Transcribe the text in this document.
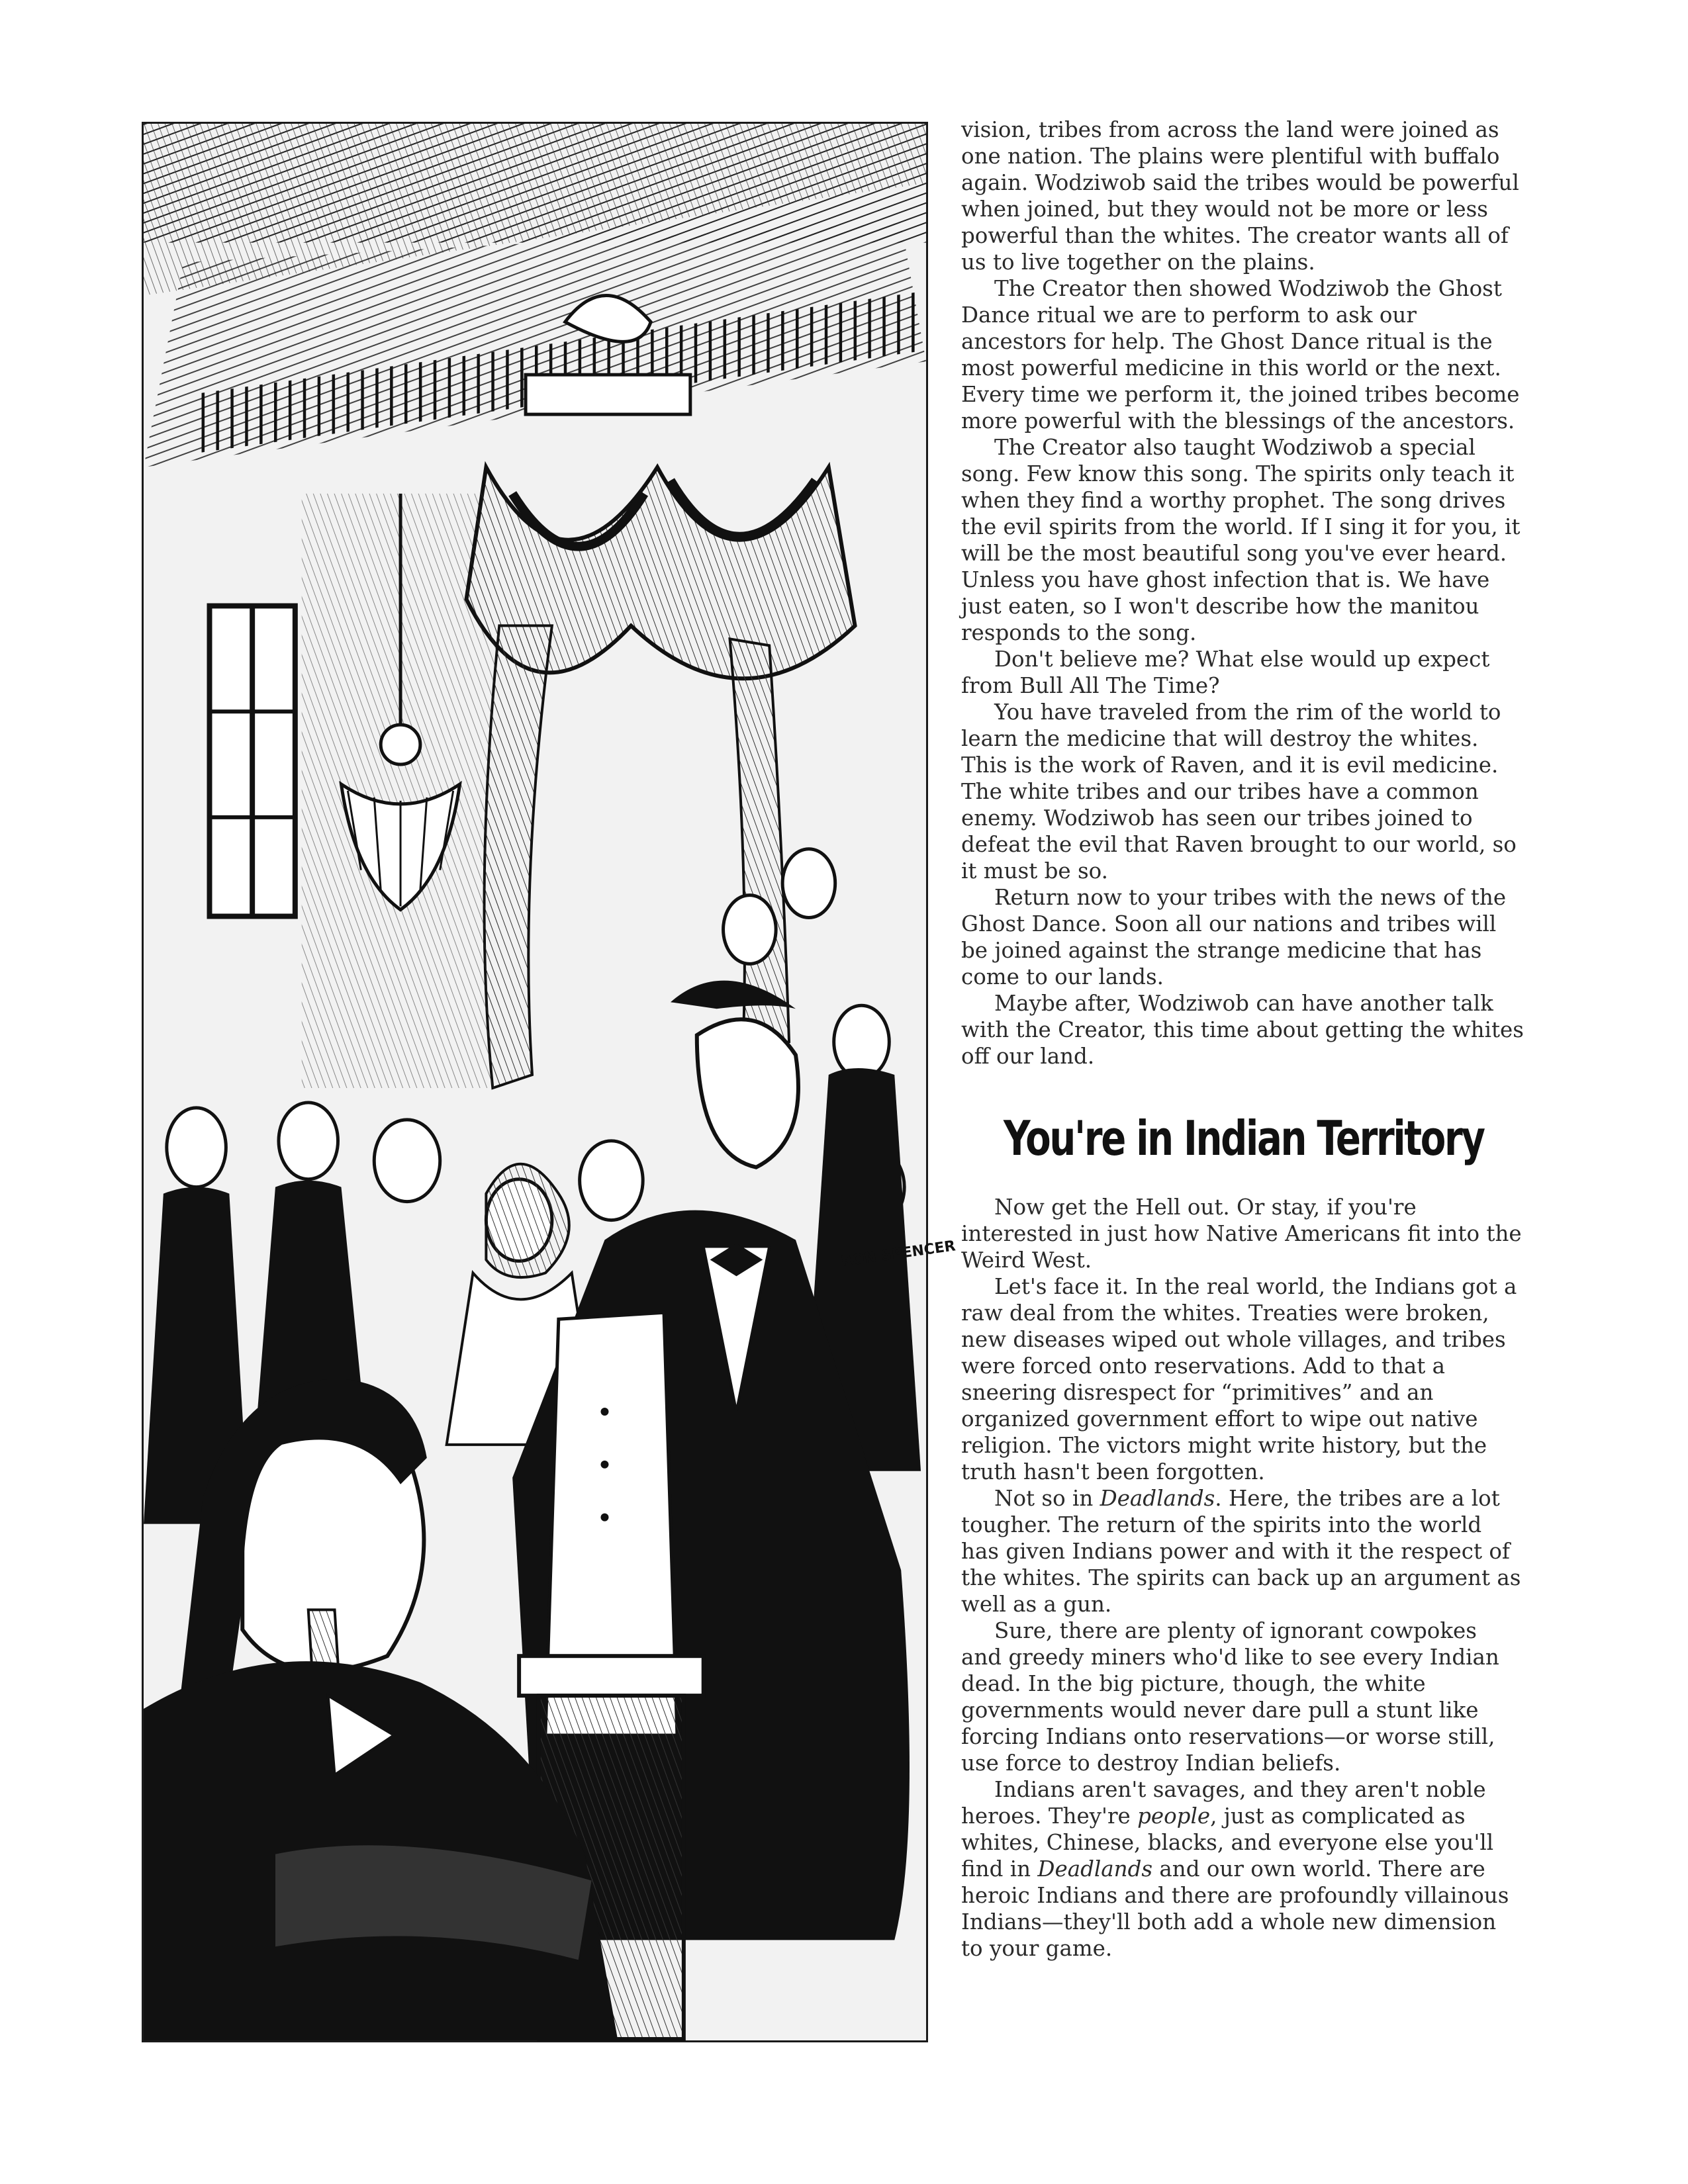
RON SPENCER

vision, tribes from across the land were joined as one nation. The plains were plentiful with buffalo again. Wodziwob said the tribes would be powerful when joined, but they would not be more or less powerful than the whites. The creator wants all of us to live together on the plains.

The Creator then showed Wodziwob the Ghost Dance ritual we are to perform to ask our ancestors for help. The Ghost Dance ritual is the most powerful medicine in this world or the next. Every time we perform it, the joined tribes become more powerful with the blessings of the ancestors.

The Creator also taught Wodziwob a special song. Few know this song. The spirits only teach it when they find a worthy prophet. The song drives the evil spirits from the world. If I sing it for you, it will be the most beautiful song you've ever heard. Unless you have ghost infection that is. We have just eaten, so I won't describe how the manitou responds to the song.

Don't believe me? What else would up expect from Bull All The Time?

You have traveled from the rim of the world to learn the medicine that will destroy the whites. This is the work of Raven, and it is evil medicine. The white tribes and our tribes have a common enemy. Wodziwob has seen our tribes joined to defeat the evil that Raven brought to our world, so it must be so.

Return now to your tribes with the news of the Ghost Dance. Soon all our nations and tribes will be joined against the strange medicine that has come to our lands.

Maybe after, Wodziwob can have another talk with the Creator, this time about getting the whites off our land.

You're in Indian Territory

Now get the Hell out. Or stay, if you're interested in just how Native Americans fit into the Weird West.

Let's face it. In the real world, the Indians got a raw deal from the whites. Treaties were broken, new diseases wiped out whole villages, and tribes were forced onto reservations. Add to that a sneering disrespect for “primitives” and an organized government effort to wipe out native religion. The victors might write history, but the truth hasn't been forgotten.

Not so in Deadlands. Here, the tribes are a lot tougher. The return of the spirits into the world has given Indians power and with it the respect of the whites. The spirits can back up an argument as well as a gun.

Sure, there are plenty of ignorant cowpokes and greedy miners who'd like to see every Indian dead. In the big picture, though, the white governments would never dare pull a stunt like forcing Indians onto reservations—or worse still, use force to destroy Indian beliefs.

Indians aren't savages, and they aren't noble heroes. They're people, just as complicated as whites, Chinese, blacks, and everyone else you'll find in Deadlands and our own world. There are heroic Indians and there are profoundly villainous Indians—they'll both add a whole new dimension to your game.
